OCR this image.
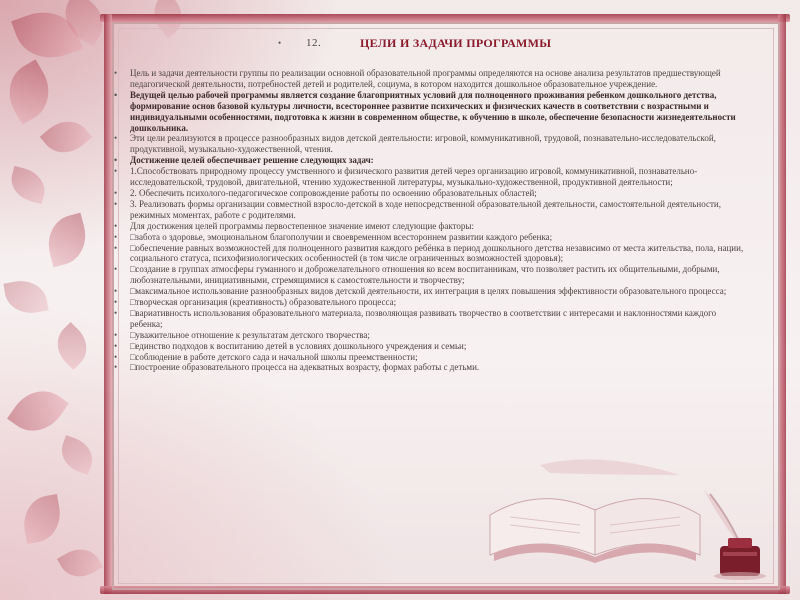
• 12.	ЦЕЛИ И ЗАДАЧИ ПРОГРАММЫ
• Цель и задачи деятельности группы по реализации основной образовательной программы определяются на основе анализа результатов предшествующей педагогической деятельности, потребностей детей и родителей, социума, в котором находится дошкольное образовательное учреждение.
• Ведущей целью рабочей программы является создание благоприятных условий для полноценного проживания ребенком дошкольного детства, формирование основ базовой культуры личности, всестороннее развитие психических и физических качеств в соответствии с возрастными и индивидуальными особенностями, подготовка к жизни в современном обществе, к обучению в школе, обеспечение безопасности жизнедеятельности дошкольника.
• Эти цели реализуются в процессе разнообразных видов детской деятельности: игровой, коммуникативной, трудовой, познавательно-исследовательской, продуктивной, музыкально-художественной, чтения.
• Достижение целей обеспечивает решение следующих задач:
• 1.Способствовать природному процессу умственного и физического развития детей через организацию игровой, коммуникативной, познавательно-исследовательской, трудовой, двигательной, чтению художественной литературы, музыкально-художественной, продуктивной деятельности;
• 2. Обеспечить психолого-педагогическое сопровождение работы по освоению образовательных областей;
• 3. Реализовать формы организации совместной взросло-детской в ходе непосредственной образовательной деятельности, самостоятельной деятельности, режимных моментах, работе с родителями.
• Для достижения целей программы первостепенное значение имеют следующие факторы:
• □забота о здоровье, эмоциональном благополучии и своевременном всестороннем развитии каждого ребенка;
• □обеспечение равных возможностей для полноценного развития каждого ребёнка в период дошкольного детства независимо от места жительства, пола, нации, социального статуса, психофизиологических особенностей (в том числе ограниченных возможностей здоровья);
• □создание в группах атмосферы гуманного и доброжелательного отношения ко всем воспитанникам, что позволяет растить их общительными, добрыми, любознательными, инициативными, стремящимися к самостоятельности и творчеству;
• □максимальное использование разнообразных видов детской деятельности, их интеграция в целях повышения эффективности образовательного процесса;
• □творческая организация (креативность) образовательного процесса;
• □вариативность использования образовательного материала, позволяющая развивать творчество в соответствии с интересами и наклонностями каждого ребенка;
• □уважительное отношение к результатам детского творчества;
• □единство подходов к воспитанию детей в условиях дошкольного учреждения и семьи;
• □соблюдение в работе детского сада и начальной школы преемственности;
• □построение образовательного процесса на адекватных возрасту, формах работы с детьми.
